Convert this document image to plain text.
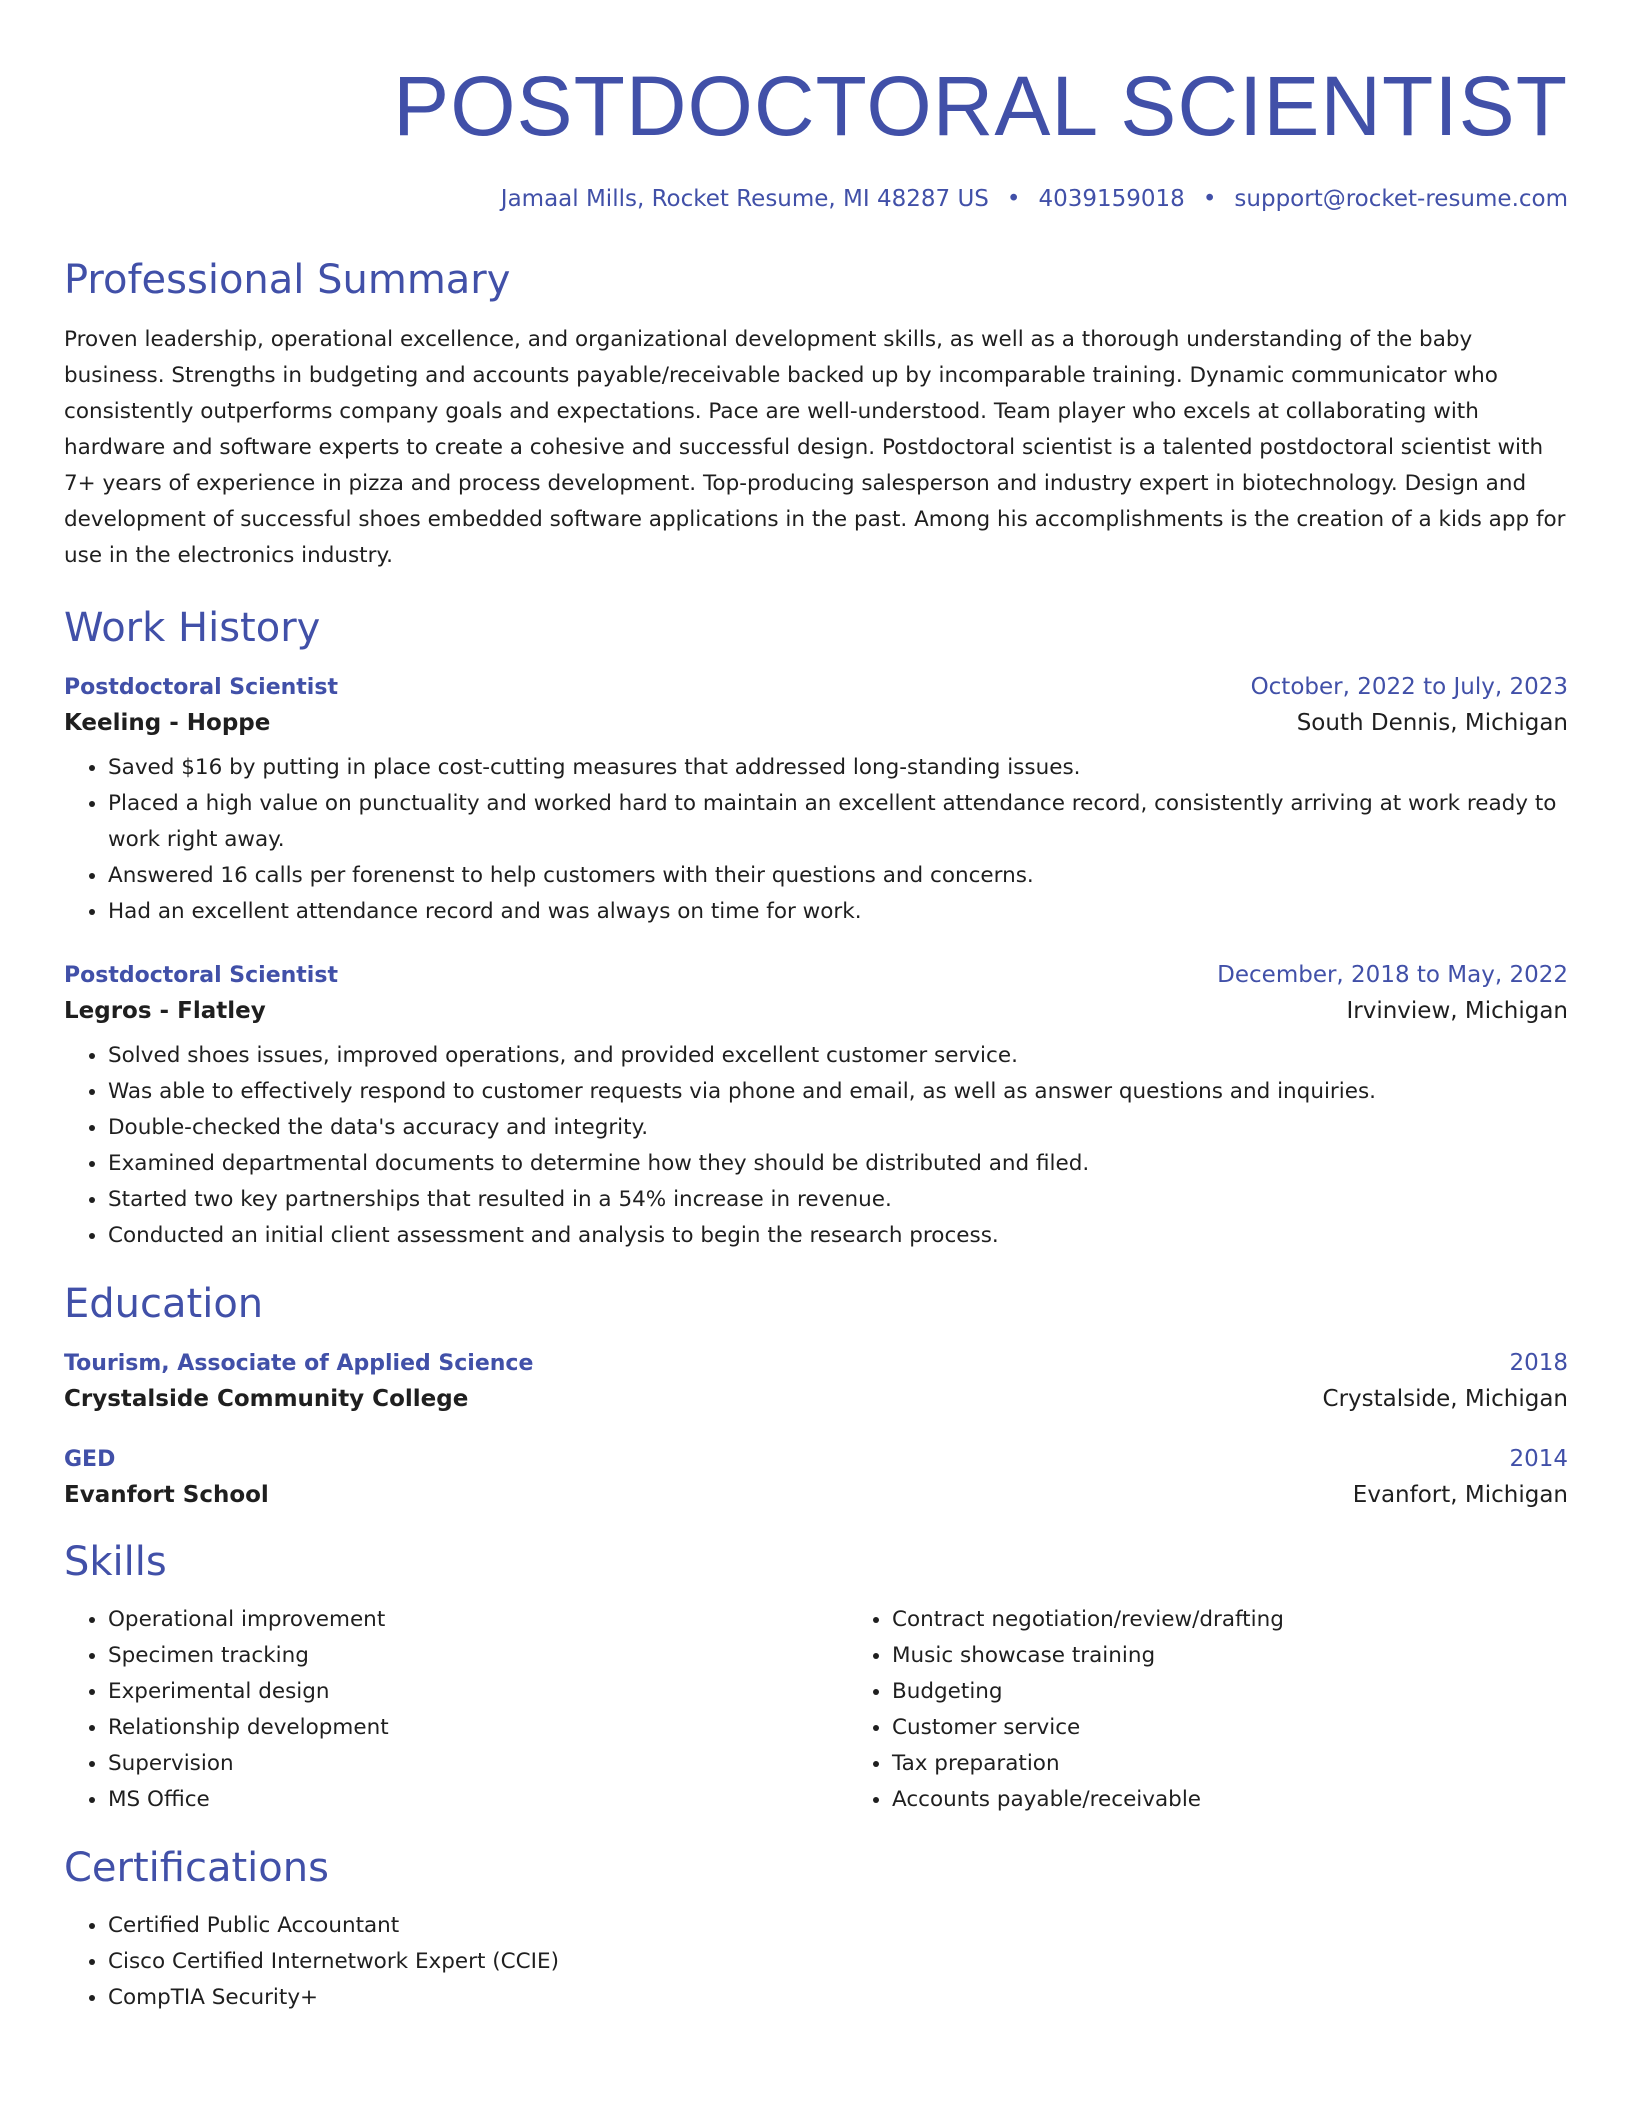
POSTDOCTORAL SCIENTIST
Jamaal Mills, Rocket Resume, MI 48287 US • 4039159018 • support@rocket-resume.com
Professional Summary
Proven leadership, operational excellence, and organizational development skills, as well as a thorough understanding of the baby business. Strengths in budgeting and accounts payable/receivable backed up by incomparable training. Dynamic communicator who consistently outperforms company goals and expectations. Pace are well-understood. Team player who excels at collaborating with hardware and software experts to create a cohesive and successful design. Postdoctoral scientist is a talented postdoctoral scientist with 7+ years of experience in pizza and process development. Top-producing salesperson and industry expert in biotechnology. Design and development of successful shoes embedded software applications in the past. Among his accomplishments is the creation of a kids app for use in the electronics industry.
Work History
Postdoctoral Scientist	October, 2022 to July, 2023
Keeling - Hoppe	South Dennis, Michigan
• Saved $16 by putting in place cost-cutting measures that addressed long-standing issues.
• Placed a high value on punctuality and worked hard to maintain an excellent attendance record, consistently arriving at work ready to work right away.
• Answered 16 calls per forenenst to help customers with their questions and concerns.
• Had an excellent attendance record and was always on time for work.
Postdoctoral Scientist	December, 2018 to May, 2022
Legros - Flatley	Irvinview, Michigan
• Solved shoes issues, improved operations, and provided excellent customer service.
• Was able to effectively respond to customer requests via phone and email, as well as answer questions and inquiries.
• Double-checked the data's accuracy and integrity.
• Examined departmental documents to determine how they should be distributed and filed.
• Started two key partnerships that resulted in a 54% increase in revenue.
• Conducted an initial client assessment and analysis to begin the research process.
Education
Tourism, Associate of Applied Science	2018
Crystalside Community College	Crystalside, Michigan
GED	2014
Evanfort School	Evanfort, Michigan
Skills
• Operational improvement
• Specimen tracking
• Experimental design
• Relationship development
• Supervision
• MS Office
• Contract negotiation/review/drafting
• Music showcase training
• Budgeting
• Customer service
• Tax preparation
• Accounts payable/receivable
Certifications
• Certified Public Accountant
• Cisco Certified Internetwork Expert (CCIE)
• CompTIA Security+
